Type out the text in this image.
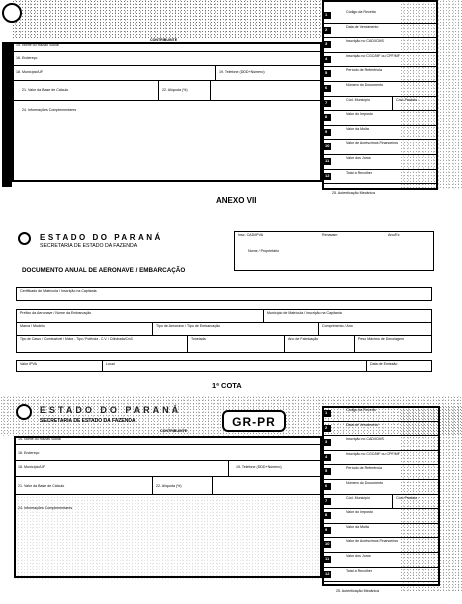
CONTRIBUINTE
14. Nome ou Razão Social
16. Endereço
18. Município/UF	19. Telefone (DDD+Número)
21. Valor da Base de Cálculo	22. Alíquota (%)
24. Informações Complementares
1	Código da Receita
2	Data de Vencimento
3	Inscrição no CAD/ICMS
4	Inscrição no CGC/MF ou CPF/MF
5	Período de Referência
6	Número do Documento
7	Cód. Município	Cód. Produto
8	Valor do Imposto
9	Valor da Multa
10	Valor de Acréscimos Financeiros
11	Valor dos Juros
12	Total a Recolher
25. Autenticação Mecânica
ANEXO VII
ESTADO DO PARANÁ
SECRETARIA DE ESTADO DA FAZENDA
DOCUMENTO ANUAL DE AERONAVE / EMBARCAÇÃO
Insc. CAD/IPVA	Renavam	Ano/Ex
Nome / Proprietário
Certificado de Matrícula / Inscrição na Capitania
Prefixo da Aeronave / Nome da Embarcação	Município de Matrícula / Inscrição na Capitania
Marca / Modelo	Tipo de Aeronave / Tipo de Embarcação	Comprimento / Ano
Tipo de Casco / Combustível / Motor - Tipo / Potência - C.V. / Cilindrada/Cm3	Tonelada	Ano de Fabricação	Peso Máximo de Decolagem
Valor IPVA	Local	Data de Emissão
1ª COTA
ESTADO DO PARANÁ
SECRETARIA DE ESTADO DA FAZENDA
CONTRIBUINTE
GR-PR
14. Nome ou Razão Social
16. Endereço
18. Município/UF	19. Telefone (DDD+Número)
21. Valor da Base de Cálculo	22. Alíquota (%)
24. Informações Complementares
1	Código da Receita
2	Data de Vencimento
3	Inscrição no CAD/ICMS
4	Inscrição no CGC/MF ou CPF/MF
5	Período de Referência
6	Número do Documento
7	Cód. Município	Cód. Produto
8	Valor do Imposto
9	Valor da Multa
10	Valor de Acréscimos Financeiros
11	Valor dos Juros
12	Total a Recolher
25. Autenticação Mecânica
